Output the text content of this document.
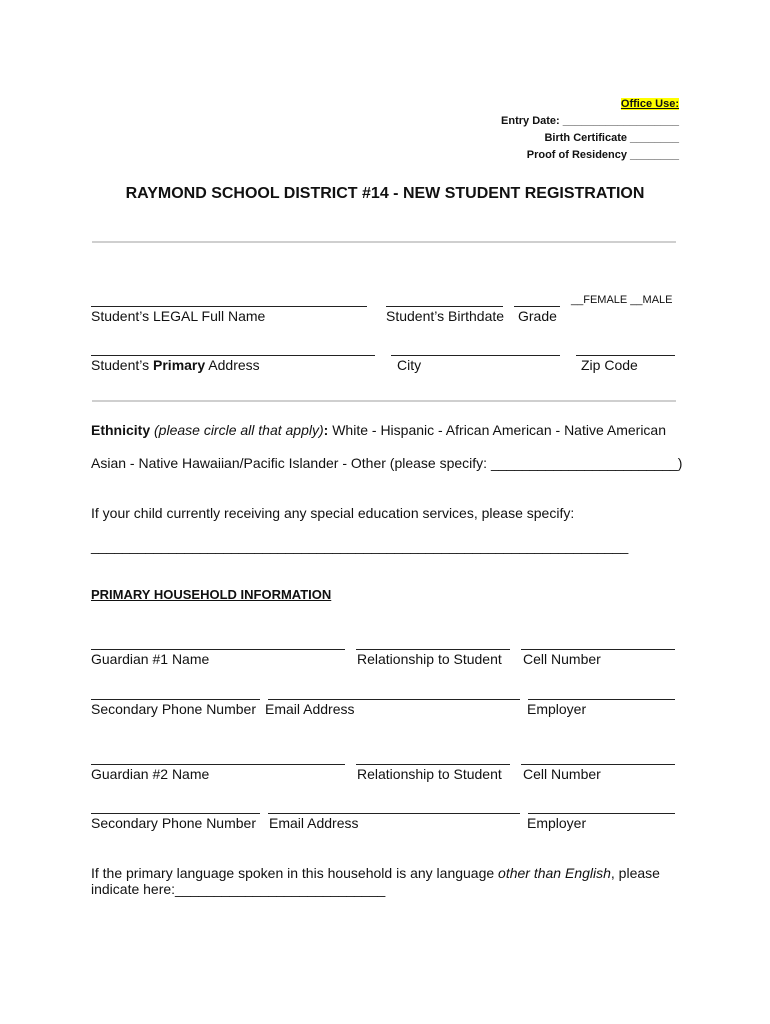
Office Use:
Entry Date: ___________________
Birth Certificate ________
Proof of Residency ________
RAYMOND SCHOOL DISTRICT #14 - NEW STUDENT REGISTRATION
__FEMALE __MALE
Student’s LEGAL Full Name	Student’s Birthdate Grade
Student’s Primary Address	City	Zip Code
Ethnicity (please circle all that apply): White - Hispanic - African American - Native American
Asian - Native Hawaiian/Pacific Islander - Other (please specify: ________________________)
If your child currently receiving any special education services, please specify:
_____________________________________________________________________
PRIMARY HOUSEHOLD INFORMATION
Guardian #1 Name	Relationship to Student Cell Number
Secondary Phone Number Email Address	Employer
Guardian #2 Name	Relationship to Student Cell Number
Secondary Phone Number Email Address	Employer
If the primary language spoken in this household is any language other than English, please
indicate here:___________________________
